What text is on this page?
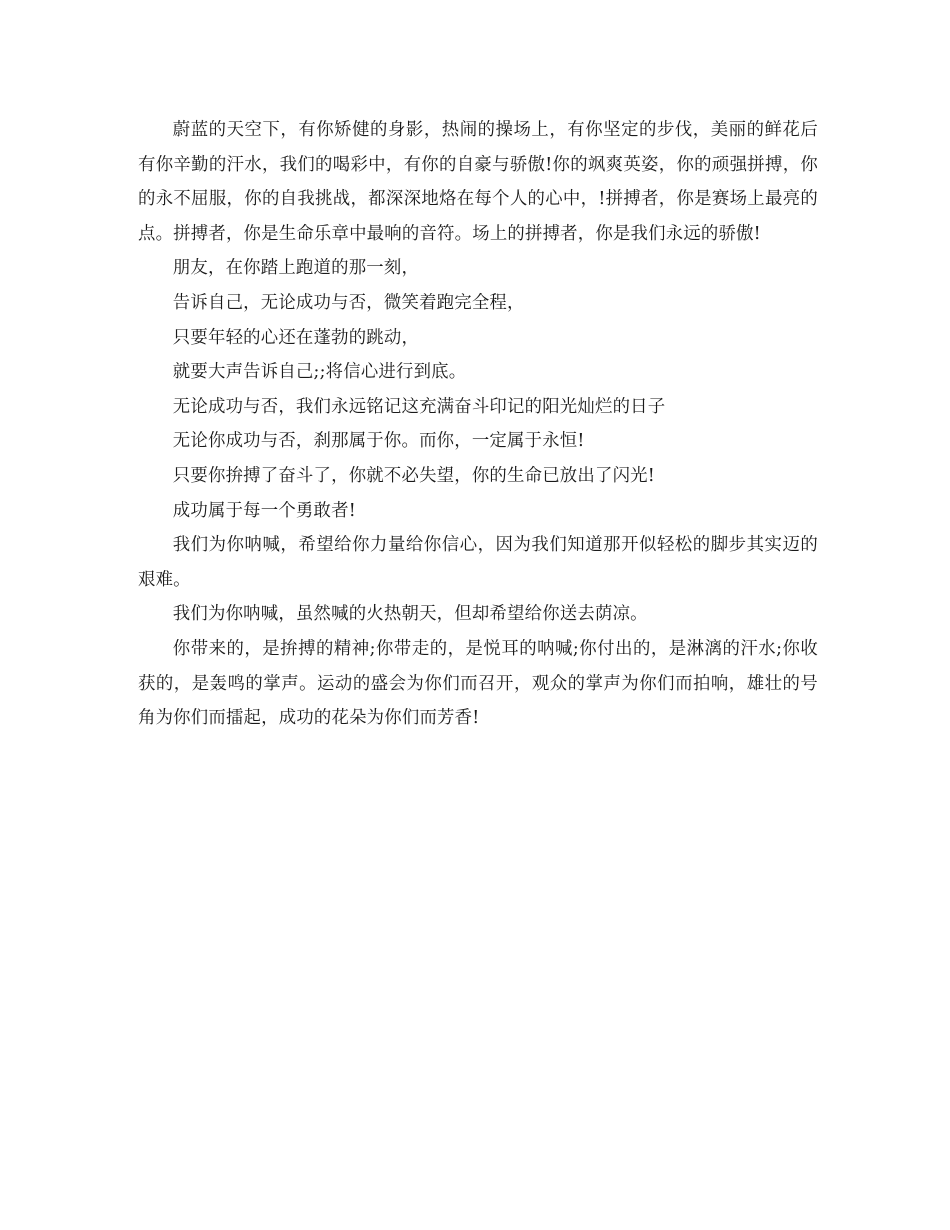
蔚蓝的天空下，有你矫健的身影，热闹的操场上，有你坚定的步伐，美丽的鲜花后有你辛勤的汗水，我们的喝彩中，有你的自豪与骄傲!你的飒爽英姿，你的顽强拼搏，你的永不屈服，你的自我挑战，都深深地烙在每个人的心中，!拼搏者，你是赛场上最亮的点。拼搏者，你是生命乐章中最响的音符。场上的拼搏者，你是我们永远的骄傲!

朋友，在你踏上跑道的那一刻，

告诉自己，无论成功与否，微笑着跑完全程，

只要年轻的心还在蓬勃的跳动，

就要大声告诉自己;;将信心进行到底。

无论成功与否，我们永远铭记这充满奋斗印记的阳光灿烂的日子

无论你成功与否，刹那属于你。而你，一定属于永恒!

只要你拚搏了奋斗了，你就不必失望，你的生命已放出了闪光!

成功属于每一个勇敢者!

我们为你呐喊，希望给你力量给你信心，因为我们知道那开似轻松的脚步其实迈的艰难。

我们为你呐喊，虽然喊的火热朝天，但却希望给你送去荫凉。

你带来的，是拚搏的精神;你带走的，是悦耳的呐喊;你付出的，是淋漓的汗水;你收获的，是轰鸣的掌声。运动的盛会为你们而召开，观众的掌声为你们而拍响，雄壮的号角为你们而擂起，成功的花朵为你们而芳香!
